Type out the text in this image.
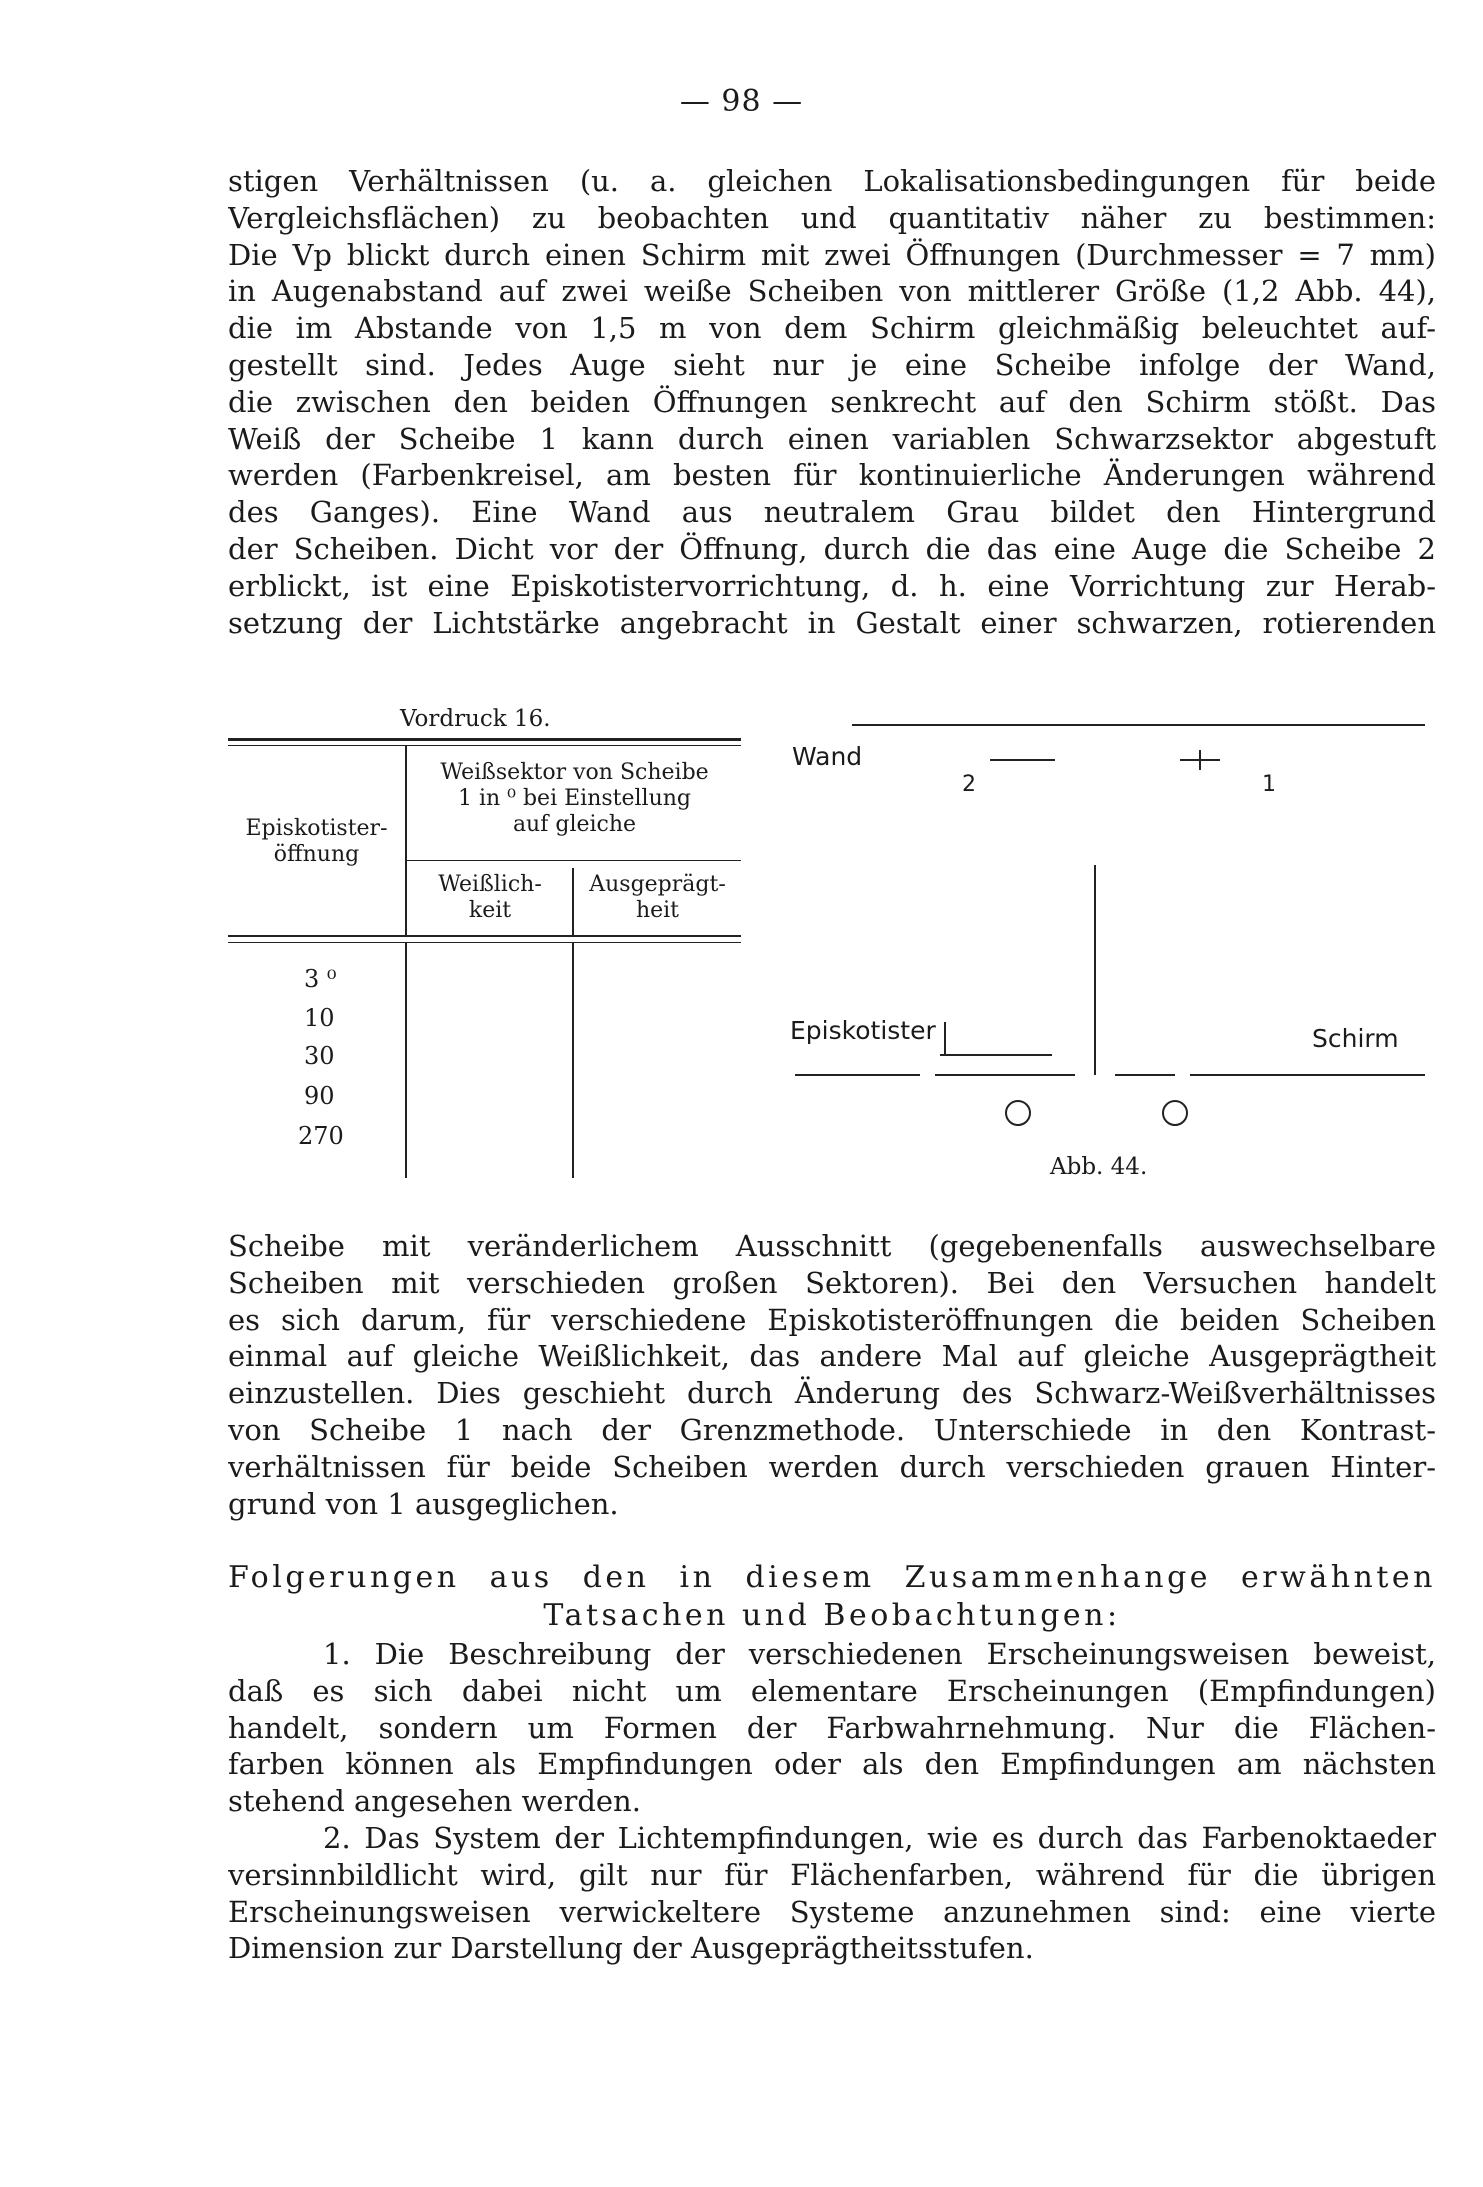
— 98 —

stigen Verhältnissen (u. a. gleichen Lokalisationsbedingungen für beide

Vergleichsflächen) zu beobachten und quantitativ näher zu bestimmen:

Die Vp blickt durch einen Schirm mit zwei Öffnungen (Durchmesser = 7 mm)

in Augenabstand auf zwei weiße Scheiben von mittlerer Größe (1,2 Abb. 44),

die im Abstande von 1,5 m von dem Schirm gleichmäßig beleuchtet auf-

gestellt sind. Jedes Auge sieht nur je eine Scheibe infolge der Wand,

die zwischen den beiden Öffnungen senkrecht auf den Schirm stößt. Das

Weiß der Scheibe 1 kann durch einen variablen Schwarzsektor abgestuft

werden (Farbenkreisel, am besten für kontinuierliche Änderungen während

des Ganges). Eine Wand aus neutralem Grau bildet den Hintergrund

der Scheiben. Dicht vor der Öffnung, durch die das eine Auge die Scheibe 2

erblickt, ist eine Episkotistervorrichtung, d. h. eine Vorrichtung zur Herab-

setzung der Lichtstärke angebracht in Gestalt einer schwarzen, rotierenden

Vordruck 16.
Episkotister-
öffnung
Weißsektor von Scheibe
1 in ⁰ bei Einstellung
auf gleiche
Weißlich-
keit
Ausgeprägt-
heit
3 ⁰
10
30
90
270
Wand
2	1
Episkotister	Schirm
Abb. 44.

Scheibe mit veränderlichem Ausschnitt (gegebenenfalls auswechselbare

Scheiben mit verschieden großen Sektoren). Bei den Versuchen handelt

es sich darum, für verschiedene Episkotisteröffnungen die beiden Scheiben

einmal auf gleiche Weißlichkeit, das andere Mal auf gleiche Ausgeprägtheit

einzustellen. Dies geschieht durch Änderung des Schwarz-Weißverhältnisses

von Scheibe 1 nach der Grenzmethode. Unterschiede in den Kontrast-

verhältnissen für beide Scheiben werden durch verschieden grauen Hinter-

grund von 1 ausgeglichen.

Folgerungen aus den in diesem Zusammenhange erwähnten

Tatsachen und Beobachtungen:

1. Die Beschreibung der verschiedenen Erscheinungsweisen beweist,

daß es sich dabei nicht um elementare Erscheinungen (Empfindungen)

handelt, sondern um Formen der Farbwahrnehmung. Nur die Flächen-

farben können als Empfindungen oder als den Empfindungen am nächsten

stehend angesehen werden.

2. Das System der Lichtempfindungen, wie es durch das Farbenoktaeder

versinnbildlicht wird, gilt nur für Flächenfarben, während für die übrigen

Erscheinungsweisen verwickeltere Systeme anzunehmen sind: eine vierte

Dimension zur Darstellung der Ausgeprägtheitsstufen.
